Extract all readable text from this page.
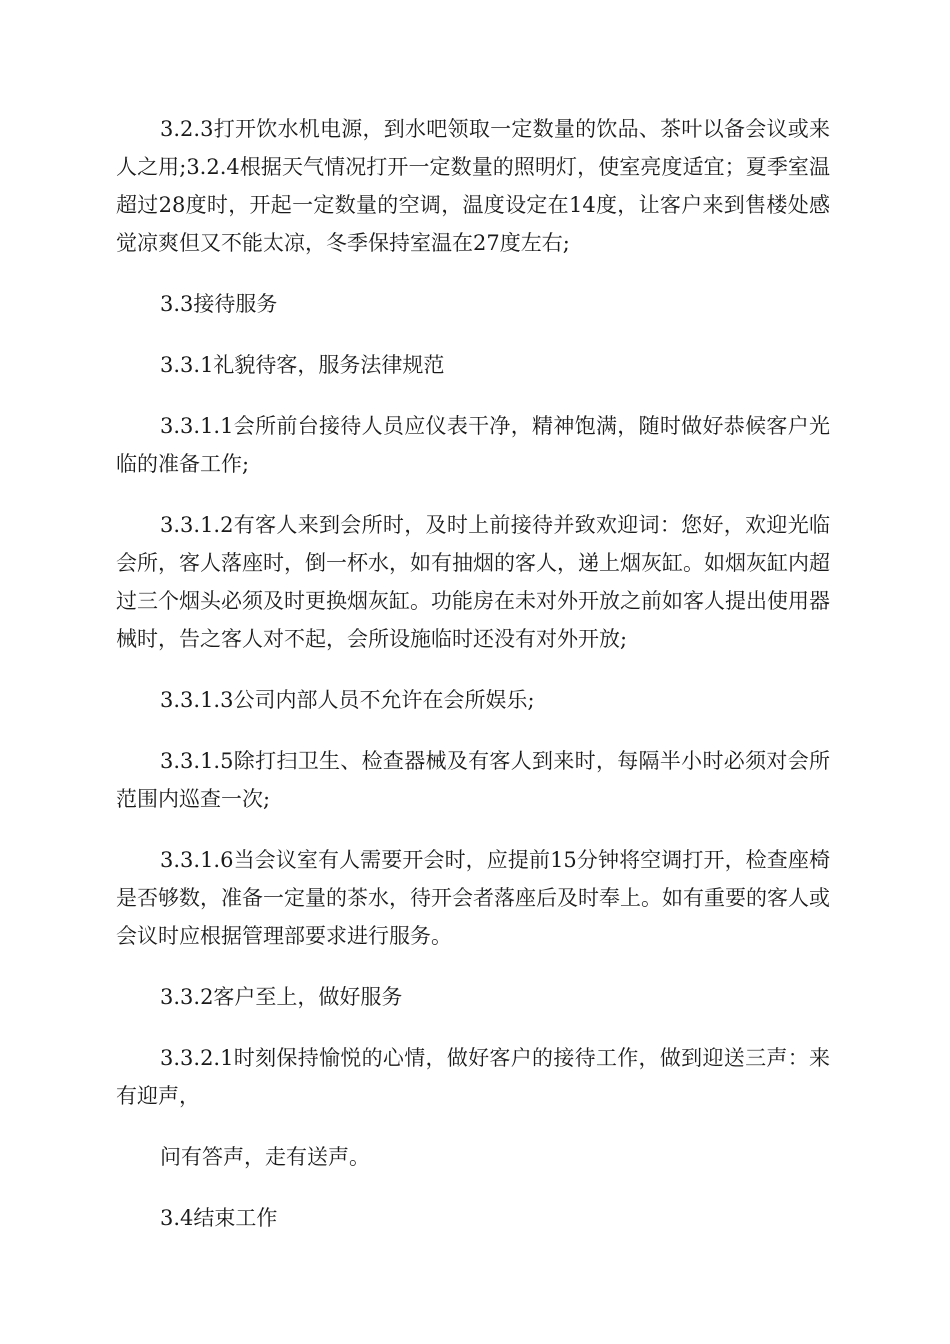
3.2.3打开饮水机电源，到水吧领取一定数量的饮品、茶叶以备会议或来人之用;3.2.4根据天气情况打开一定数量的照明灯，使室亮度适宜；夏季室温超过28度时，开起一定数量的空调，温度设定在14度，让客户来到售楼处感觉凉爽但又不能太凉，冬季保持室温在27度左右;

3.3接待服务

3.3.1礼貌待客，服务法律规范

3.3.1.1会所前台接待人员应仪表干净，精神饱满，随时做好恭候客户光临的准备工作;

3.3.1.2有客人来到会所时，及时上前接待并致欢迎词：您好，欢迎光临会所，客人落座时，倒一杯水，如有抽烟的客人，递上烟灰缸。如烟灰缸内超过三个烟头必须及时更换烟灰缸。功能房在未对外开放之前如客人提出使用器械时，告之客人对不起，会所设施临时还没有对外开放;

3.3.1.3公司内部人员不允许在会所娱乐;

3.3.1.5除打扫卫生、检查器械及有客人到来时，每隔半小时必须对会所范围内巡查一次;

3.3.1.6当会议室有人需要开会时，应提前15分钟将空调打开，检查座椅是否够数，准备一定量的茶水，待开会者落座后及时奉上。如有重要的客人或会议时应根据管理部要求进行服务。

3.3.2客户至上，做好服务

3.3.2.1时刻保持愉悦的心情，做好客户的接待工作，做到迎送三声：来有迎声，

问有答声，走有送声。

3.4结束工作
